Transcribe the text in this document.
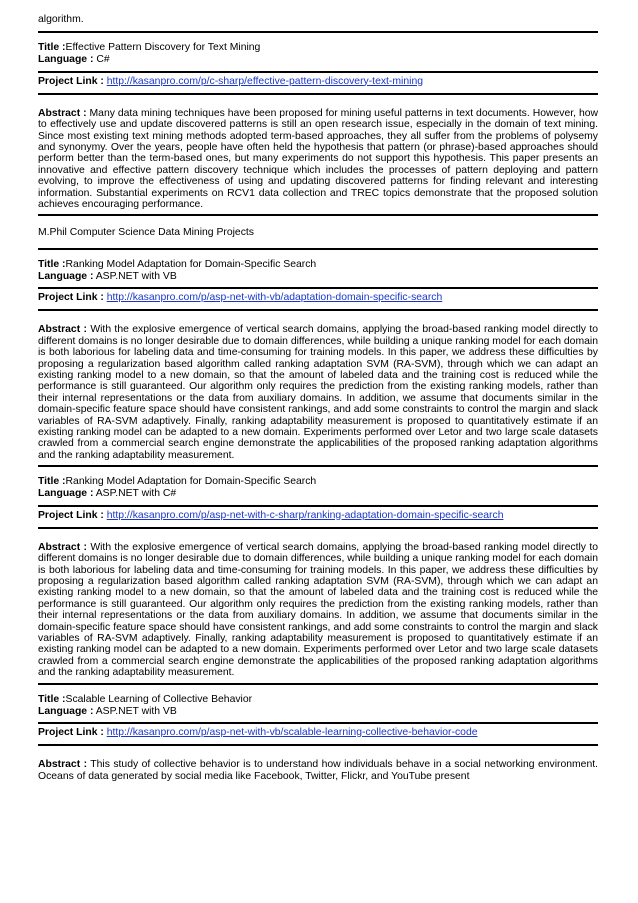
algorithm.
Title :Effective Pattern Discovery for Text Mining
Language : C#
Project Link : http://kasanpro.com/p/c-sharp/effective-pattern-discovery-text-mining

Abstract : Many data mining techniques have been proposed for mining useful patterns in text documents. However, how to effectively use and update discovered patterns is still an open research issue, especially in the domain of text mining. Since most existing text mining methods adopted term-based approaches, they all suffer from the problems of polysemy and synonymy. Over the years, people have often held the hypothesis that pattern (or phrase)-based approaches should perform better than the term-based ones, but many experiments do not support this hypothesis. This paper presents an innovative and effective pattern discovery technique which includes the processes of pattern deploying and pattern evolving, to improve the effectiveness of using and updating discovered patterns for finding relevant and interesting information. Substantial experiments on RCV1 data collection and TREC topics demonstrate that the proposed solution achieves encouraging performance.

M.Phil Computer Science Data Mining Projects
Title :Ranking Model Adaptation for Domain-Specific Search
Language : ASP.NET with VB
Project Link : http://kasanpro.com/p/asp-net-with-vb/adaptation-domain-specific-search

Abstract : With the explosive emergence of vertical search domains, applying the broad-based ranking model directly to different domains is no longer desirable due to domain differences, while building a unique ranking model for each domain is both laborious for labeling data and time-consuming for training models. In this paper, we address these difficulties by proposing a regularization based algorithm called ranking adaptation SVM (RA-SVM), through which we can adapt an existing ranking model to a new domain, so that the amount of labeled data and the training cost is reduced while the performance is still guaranteed. Our algorithm only requires the prediction from the existing ranking models, rather than their internal representations or the data from auxiliary domains. In addition, we assume that documents similar in the domain-specific feature space should have consistent rankings, and add some constraints to control the margin and slack variables of RA-SVM adaptively. Finally, ranking adaptability measurement is proposed to quantitatively estimate if an existing ranking model can be adapted to a new domain. Experiments performed over Letor and two large scale datasets crawled from a commercial search engine demonstrate the applicabilities of the proposed ranking adaptation algorithms and the ranking adaptability measurement.

Title :Ranking Model Adaptation for Domain-Specific Search
Language : ASP.NET with C#
Project Link : http://kasanpro.com/p/asp-net-with-c-sharp/ranking-adaptation-domain-specific-search

Abstract : With the explosive emergence of vertical search domains, applying the broad-based ranking model directly to different domains is no longer desirable due to domain differences, while building a unique ranking model for each domain is both laborious for labeling data and time-consuming for training models. In this paper, we address these difficulties by proposing a regularization based algorithm called ranking adaptation SVM (RA-SVM), through which we can adapt an existing ranking model to a new domain, so that the amount of labeled data and the training cost is reduced while the performance is still guaranteed. Our algorithm only requires the prediction from the existing ranking models, rather than their internal representations or the data from auxiliary domains. In addition, we assume that documents similar in the domain-specific feature space should have consistent rankings, and add some constraints to control the margin and slack variables of RA-SVM adaptively. Finally, ranking adaptability measurement is proposed to quantitatively estimate if an existing ranking model can be adapted to a new domain. Experiments performed over Letor and two large scale datasets crawled from a commercial search engine demonstrate the applicabilities of the proposed ranking adaptation algorithms and the ranking adaptability measurement.

Title :Scalable Learning of Collective Behavior
Language : ASP.NET with VB
Project Link : http://kasanpro.com/p/asp-net-with-vb/scalable-learning-collective-behavior-code

Abstract : This study of collective behavior is to understand how individuals behave in a social networking environment. Oceans of data generated by social media like Facebook, Twitter, Flickr, and YouTube present
